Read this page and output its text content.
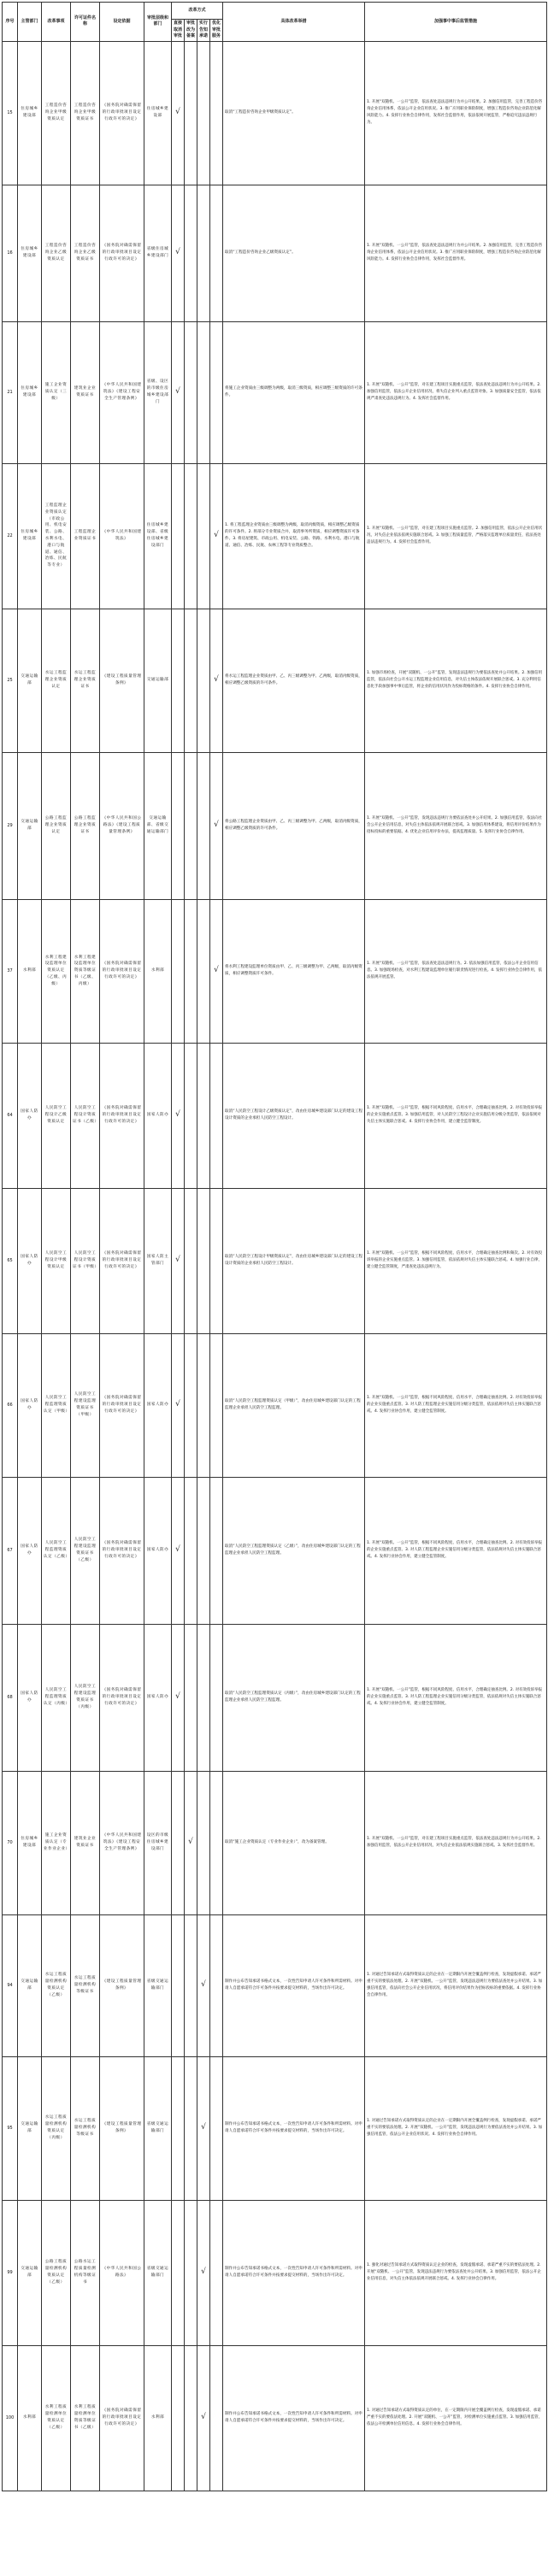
序号	主管部门	改革事项	许可证件名称	设定依据	审批层级和部门	改革方式				具体改革举措	加强事中事后监管措施
						直接取消审批	审批改为备案	实行告知承诺	优化审批服务		
15	住房城乡建设部	工程造价咨询企业甲级资质认定	工程造价咨询企业甲级资质证书	《国务院对确需保留的行政审批项目设定行政许可的决定》	住房城乡建设部	√				取消“工程造价咨询企业甲级资质认定”。	1. 开展“双随机、一公开”监管，依法查处违法违规行为并公开结果。2. 加强信用监管，完善工程造价咨询企业信用体系，依法公开企业信用状况。3. 推广应用职业保险制度，增强工程造价咨询企业防范化解风险能力。4. 发挥行业协会自律作用，发挥社会监督作用，依法依规开展监管，严格追究违法违规行为。
16	住房城乡建设部	工程造价咨询企业乙级资质认定	工程造价咨询企业乙级资质证书	《国务院对确需保留的行政审批项目设定行政许可的决定》	省级住房城乡建设部门	√				取消“工程造价咨询企业乙级资质认定”。	1. 开展“双随机、一公开”监管，依法查处违法违规行为并公开结果。2. 加强信用监管，完善工程造价咨询企业信用体系，依法公开企业信用状况。3. 推广应用职业保险制度，增强工程造价咨询企业防范化解风险能力。4. 发挥行业协会自律作用，发挥社会监督作用。
21	住房城乡建设部	施工企业资质认定（三级）	建筑业企业资质证书	《中华人民共和国建筑法》《建设工程安全生产管理条例》	省级、设区的市级住房城乡建设部门	√				将施工企业资质由三级调整为两级，取消三级资质，相应调整三级资质的许可条件。	1. 开展“双随机、一公开”监管，对在建工程项目实施重点监管，依法查处违法违规行为并公开结果。2. 加强信用监管，依法公开企业信用状况，将失信企业列入重点监管对象。3. 加强质量安全监管，依法依规严肃查处违法违规行为。4. 发挥社会监督作用。
22	住房城乡建设部	工程监理企业资质认定（市政公用、机电安装、公路、水利水电、港口与航道、通信、冶炼、民航等专业）	工程监理企业资质证书	《中华人民共和国建筑法》	住房城乡建设部、省级住房城乡建设部门				√	1. 将工程监理企业资质由三级调整为两级，取消丙级资质，相应调整乙级资质的许可条件。2. 将部分专业资质合并，取消事务所资质，相应调整资质许可条件。3. 将房屋建筑、市政公用、机电安装、公路、铁路、水利水电、港口与航道、通信、冶炼、民航、农林工程等专业资质整合。	1. 开展“双随机、一公开”监管，对在建工程项目实施重点监管。2. 加强信用监管，依法公开企业信用状况，对失信企业依法依规实施联合惩戒。3. 加强工程质量监管，严格落实监理单位质量责任，依法查处违法违规行为。4. 发挥社会监督作用。
25	交通运输部	水运工程监理企业资质认定	水运工程监理企业资质证书	《建设工程质量管理条例》	交通运输部				√	将水运工程监理企业资质由甲、乙、丙三级调整为甲、乙两级，取消丙级资质，相应调整乙级资质的许可条件。	1. 加强市场检查，开展“双随机、一公开”监管，发现违法违规行为要依法查处并公开结果。2. 加强信用监管，依法向社会公开水运工程监理企业信用信息，对失信主体依法依规开展联合惩戒。3. 充分利用信息化手段加强事中事后监管，将企业的信用状况作为投标资格的条件。4. 发挥行业协会自律作用。
29	交通运输部	公路工程监理企业资质认定	公路工程监理企业资质证书	《中华人民共和国公路法》《建设工程质量管理条例》	交通运输部、省级交通运输部门				√	将公路工程监理企业资质由甲、乙、丙三级调整为甲、乙两级，取消丙级资质，相应调整乙级资质的许可条件。	1. 开展“双随机、一公开”监管，发现违法违规行为要依法查处并公开结果。2. 加强信用监管，依法向社会公开企业信用信息，对失信主体依法依规开展联合惩戒。3. 加强信用体系建设，将信用评价结果作为招标投标的重要依据。4. 优化企业信用评价办法，提高监理质量。5. 发挥行业协会自律作用。
37	水利部	水利工程建设监理单位资质认定（乙级、丙级）	水利工程建设监理单位资质等级证书（乙级、丙级）	《国务院对确需保留的行政审批项目设定行政许可的决定》	水利部				√	将水利工程建设监理单位资质由甲、乙、丙三级调整为甲、乙两级，取消丙级资质，相应调整资质许可条件。	1. 开展“双随机、一公开”监管，依法查处违法违规行为。2. 依法加强信用监管，依法公开企业信用信息。3. 加强现场检查，对水利工程建设监理单位履行职责情况进行检查。4. 发挥行业协会自律作用，依法依规开展监管。
64	国家人防办	人民防空工程设计乙级资质认定	人民防空工程设计资质证书（乙级）	《国务院对确需保留的行政审批项目设定行政许可的决定》	国家人防办	√				取消“人民防空工程设计乙级资质认定”，改由住房城乡建设部门认定的建设工程设计资质的企业承担人民防空工程设计。	1. 开展“双随机、一公开”监管，根据不同风险程度、信用水平，合理确定抽查比例。2. 对有效投诉举报的企业实施重点监管。3. 加强信用监管，对人民防空工程设计企业实施信用分级分类监管，依法依规对失信主体实施联合惩戒。4. 发挥行业协会作用，建立健全监管制度。
65	国家人防办	人民防空工程设计甲级资质认定	人民防空工程设计资质证书（甲级）	《国务院对确需保留的行政审批项目设定行政许可的决定》	国家人防主管部门	√				取消“人民防空工程设计甲级资质认定”，改由住房城乡建设部门认定的建设工程设计资质的企业承担人民防空工程设计。	1. 开展“双随机、一公开”监管，根据不同风险程度、信用水平，合理确定抽查比例和频次。2. 对有效投诉举报的企业实施重点监管。3. 加强信用监管，依法依规对失信主体实施联合惩戒。4. 加强行业自律，建立健全监管制度，严肃查处违法违规行为。
66	国家人防办	人民防空工程监理资质认定（甲级）	人民防空工程建设监理资质证书（甲级）	《国务院对确需保留的行政审批项目设定行政许可的决定》	国家人防办	√				取消“人民防空工程监理资质认定（甲级）”，改由住房城乡建设部门认定的工程监理企业承担人民防空工程监理。	1. 开展“双随机、一公开”监管，根据不同风险程度、信用水平，合理确定抽查比例。2. 对有效投诉举报的企业实施重点监管。3. 对人防工程监理企业实施信用分级分类监管，依法依规对失信主体实施联合惩戒。4. 发挥行业协会作用，建立健全监管制度。
67	国家人防办	人民防空工程监理资质认定（乙级）	人民防空工程建设监理资质证书（乙级）	《国务院对确需保留的行政审批项目设定行政许可的决定》	国家人防办	√				取消“人民防空工程监理资质认定（乙级）”，改由住房城乡建设部门认定的工程监理企业承担人民防空工程监理。	1. 开展“双随机、一公开”监管，根据不同风险程度、信用水平，合理确定抽查比例。2. 对有效投诉举报的企业实施重点监管。3. 对人防工程监理企业实施信用分级分类监管，依法依规对失信主体实施联合惩戒。4. 发挥行业协会作用，建立健全监管制度。
68	国家人防办	人民防空工程监理资质认定（丙级）	人民防空工程建设监理资质证书（丙级）	《国务院对确需保留的行政审批项目设定行政许可的决定》	国家人防办	√				取消“人民防空工程监理资质认定（丙级）”，改由住房城乡建设部门认定的工程监理企业承担人民防空工程监理。	1. 开展“双随机、一公开”监管，根据不同风险程度、信用水平，合理确定抽查比例。2. 对有效投诉举报的企业实施重点监管。3. 对人防工程监理企业实施信用分级分类监管，依法依规对失信主体实施联合惩戒。4. 发挥行业协会作用，建立健全监管制度。
70	住房城乡建设部	施工企业资质认定（专业作业企业）	建筑业企业资质证书	《中华人民共和国建筑法》《建设工程安全生产管理条例》	设区的市级住房城乡建设部门		√			取消“施工企业资质认定（专业作业企业）”，改为备案管理。	1. 开展“双随机、一公开”监管，对在建工程项目实施重点监管，依法查处违法违规行为并公开结果。2. 加强信用监管，依法公开企业信用状况，对失信企业依法依规实施联合惩戒。3. 发挥社会监督作用。
94	交通运输部	水运工程质量检测机构资质认定（乙级）	水运工程质量检测机构等级证书	《建设工程质量管理条例》	省级交通运输部门			√		制作并公布告知承诺书格式文本，一次性告知申请人许可条件和所需材料。对申请人自愿承诺符合许可条件并按要求提交材料的，当场作出许可决定。	1. 对通过告知承诺方式取得资质认定的企业在一定期限内开展全覆盖例行检查，发现虚假承诺、承诺严重不实的要依法处理。2. 开展“双随机、一公开”监管，发现违法违规行为要依法查处并公开结果。3. 加强信用监管，依法向社会公开企业信用状况，将信用评价结果作为招标投标的重要依据。4. 发挥行业协会自律作用。
95	交通运输部	水运工程质量检测机构资质认定（丙级）	水运工程质量检测机构等级证书	《建设工程质量管理条例》	省级交通运输部门			√		制作并公布告知承诺书格式文本，一次性告知申请人许可条件和所需材料。对申请人自愿承诺符合许可条件并按要求提交材料的，当场作出许可决定。	1. 对通过告知承诺方式取得资质认定的企业在一定期限内开展全覆盖例行检查，发现虚假承诺、承诺严重不实的要依法处理。2. 开展“双随机、一公开”监管，发现违法违规行为要依法查处并公开结果。3. 加强信用监管，依法公开企业信用状况。4. 发挥行业协会自律作用。
99	交通运输部	公路工程质量检测机构资质认定（乙级）	公路水运工程质量检测机构等级证书	《中华人民共和国公路法》	省级交通运输部门			√		制作并公布告知承诺书格式文本，一次性告知申请人许可条件和所需材料。对申请人自愿承诺符合许可条件并按要求提交材料的，当场作出许可决定。	1. 强化对通过告知承诺方式取得资质认定企业的检查，发现虚假承诺、承诺严重不实的要依法处理。2. 开展“双随机、一公开”监管，发现违法违规行为要依法查处并公开结果。3. 加强信用监管，依法公开企业信用信息，对失信主体依法依规开展联合惩戒。4. 发挥行业协会自律作用。
100	水利部	水利工程质量检测单位资质认定（乙级）	水利工程质量检测单位资质等级证书（乙级）	《国务院对确需保留的行政审批项目设定行政许可的决定》	水利部			√		制作并公布告知承诺书格式文本，一次性告知申请人许可条件和所需材料。对申请人自愿承诺符合许可条件并按要求提交材料的，当场作出许可决定。	1. 对通过告知承诺方式取得资质认定的单位，在一定期限内开展全覆盖例行检查，发现虚假承诺、承诺严重不实的要依法处理。2. 开展“双随机、一公开”监管，对检测单位实施重点监管。3. 加强信用监管，依法公开检测单位信用信息。4. 发挥行业协会自律作用。
